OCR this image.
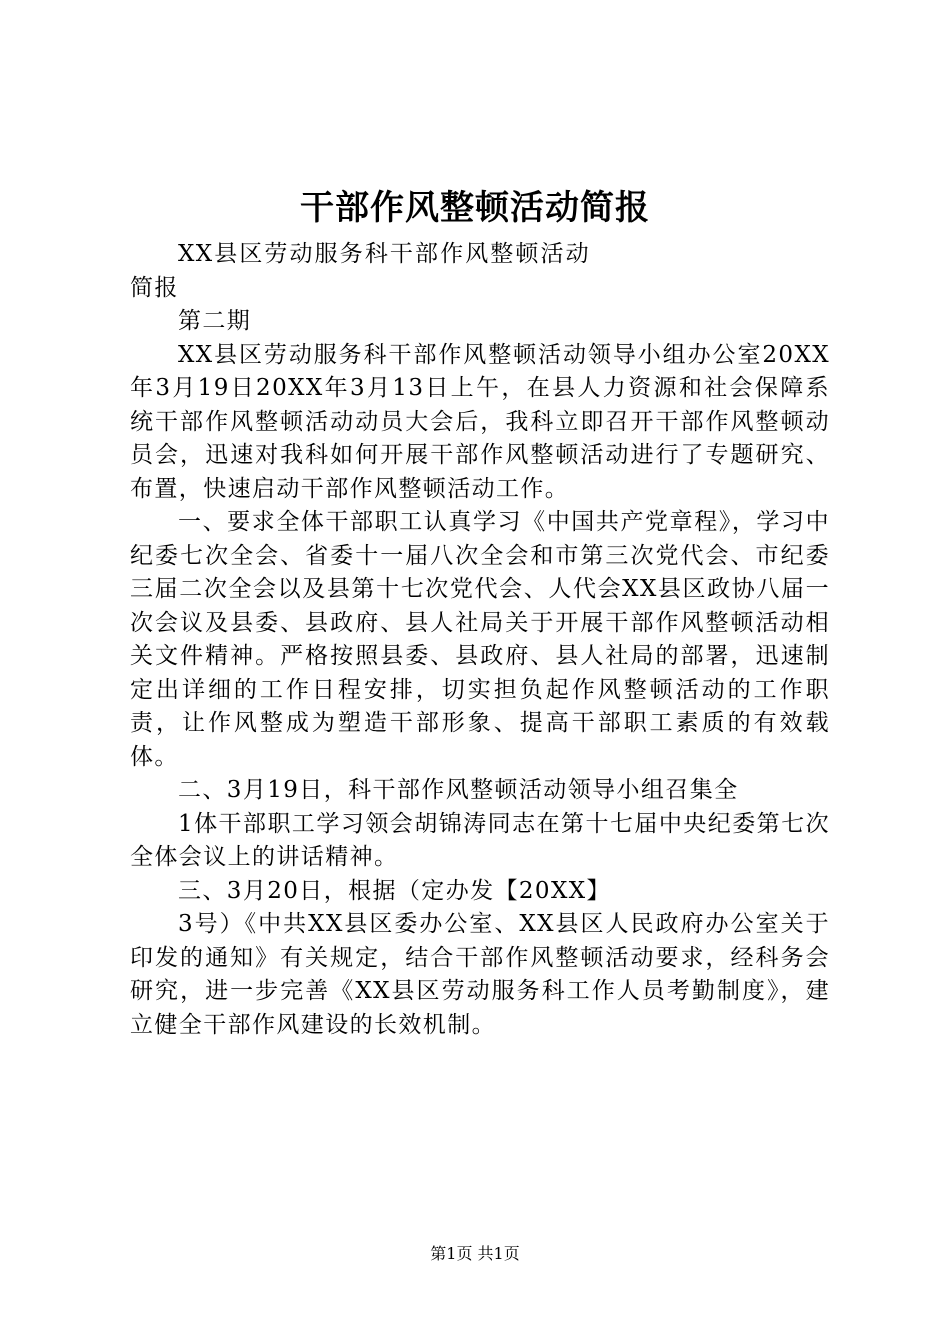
干部作风整顿活动简报

XX县区劳动服务科干部作风整顿活动简报

第二期

XX县区劳动服务科干部作风整顿活动领导小组办公室20XX年3月19日20XX年3月13日上午，在县人力资源和社会保障系统干部作风整顿活动动员大会后，我科立即召开干部作风整顿动员会，迅速对我科如何开展干部作风整顿活动进行了专题研究、布置，快速启动干部作风整顿活动工作。

一、要求全体干部职工认真学习《中国共产党章程》，学习中纪委七次全会、省委十一届八次全会和市第三次党代会、市纪委三届二次全会以及县第十七次党代会、人代会XX县区政协八届一次会议及县委、县政府、县人社局关于开展干部作风整顿活动相关文件精神。严格按照县委、县政府、县人社局的部署，迅速制定出详细的工作日程安排，切实担负起作风整顿活动的工作职责，让作风整成为塑造干部形象、提高干部职工素质的有效载体。

二、3月19日，科干部作风整顿活动领导小组召集全

1体干部职工学习领会胡锦涛同志在第十七届中央纪委第七次全体会议上的讲话精神。

三、3月20日，根据（定办发【20XX】

3号）《中共XX县区委办公室、XX县区人民政府办公室关于印发的通知》有关规定，结合干部作风整顿活动要求，经科务会研究，进一步完善《XX县区劳动服务科工作人员考勤制度》，建立健全干部作风建设的长效机制。

第1页 共1页
